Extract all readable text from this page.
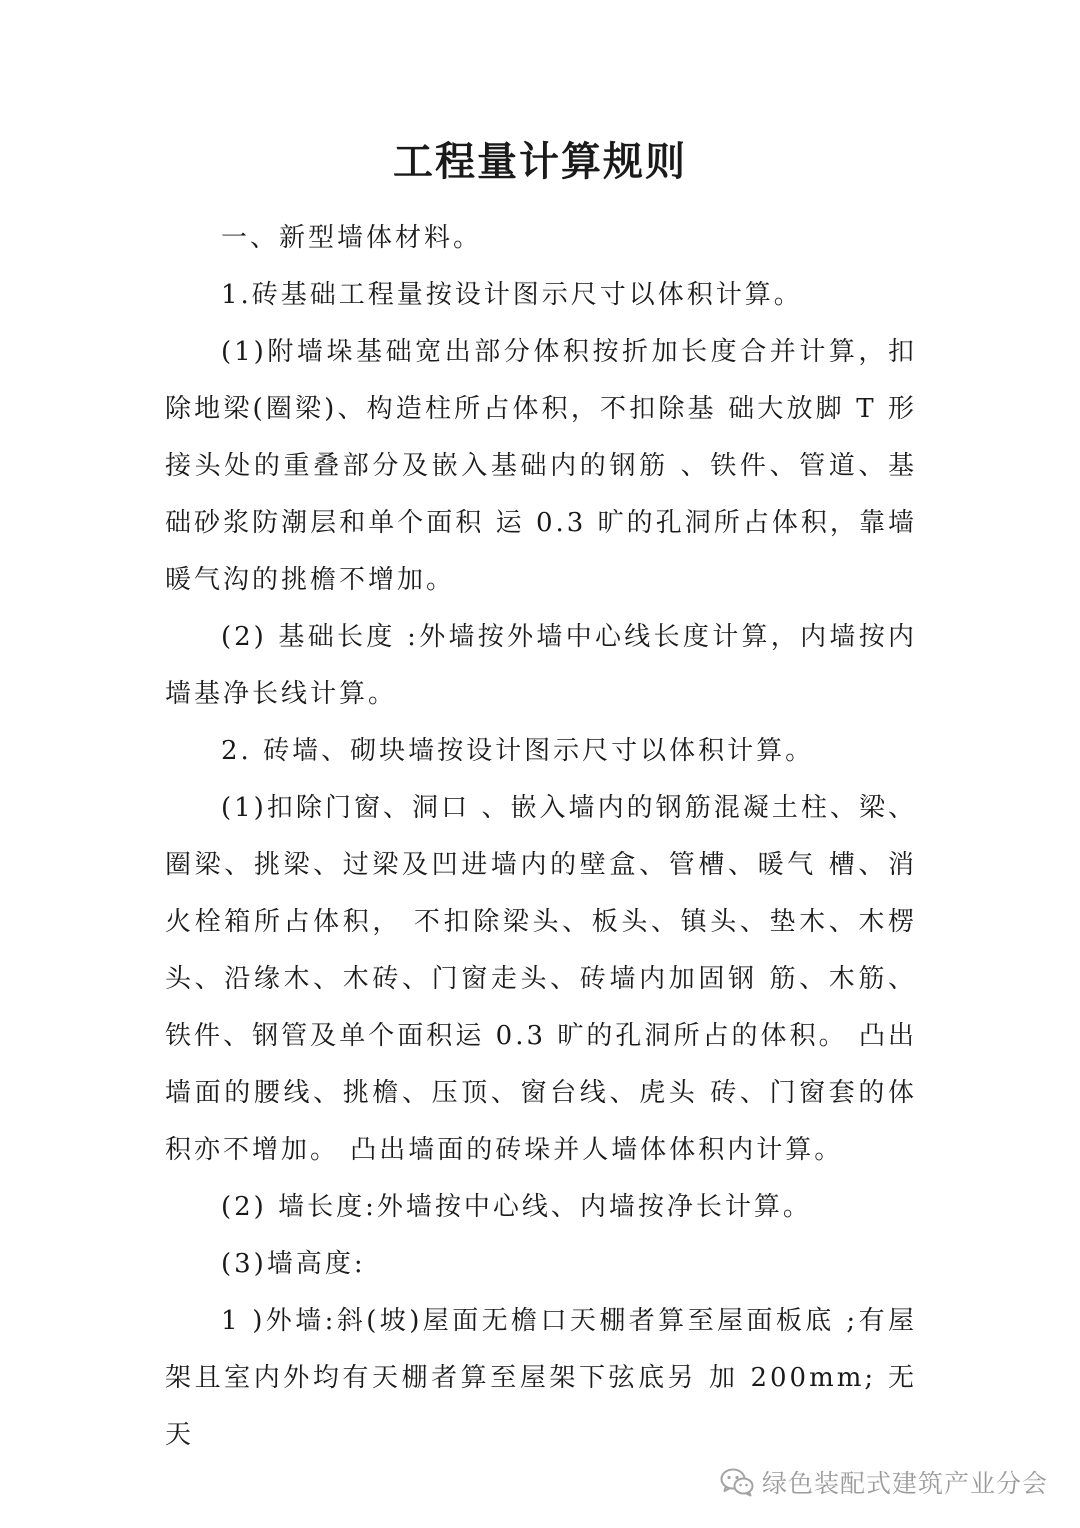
工程量计算规则

一、新型墙体材料。

1.砖基础工程量按设计图示尺寸以体积计算。

(1)附墙垛基础宽出部分体积按折加长度合并计算，扣除地梁(圈梁)、构造柱所占体积，不扣除基 础大放脚 T 形接头处的重叠部分及嵌入基础内的钢筋 、铁件、管道、基础砂浆防潮层和单个面积 运 0.3 旷的孔洞所占体积，靠墙暖气沟的挑檐不增加。

(2) 基础长度 :外墙按外墙中心线长度计算，内墙按内墙基净长线计算。

2. 砖墙、砌块墙按设计图示尺寸以体积计算。

(1)扣除门窗、洞口 、嵌入墙内的钢筋混凝土柱、梁、圈梁、挑梁、过梁及凹进墙内的壁盒、管槽、暖气 槽、消火栓箱所占体积， 不扣除梁头、板头、镇头、垫木、木楞头、沿缘木、木砖、门窗走头、砖墙内加固钢 筋、木筋、铁件、钢管及单个面积运 0.3 旷的孔洞所占的体积。 凸出墙面的腰线、挑檐、压顶、窗台线、虎头 砖、门窗套的体积亦不增加。 凸出墙面的砖垛并人墙体体积内计算。

(2) 墙长度:外墙按中心线、内墙按净长计算。

(3)墙高度:

1 )外墙:斜(坡)屋面无檐口天棚者算至屋面板底 ;有屋架且室内外均有天棚者算至屋架下弦底另 加 200mm; 无天

绿色装配式建筑产业分会
